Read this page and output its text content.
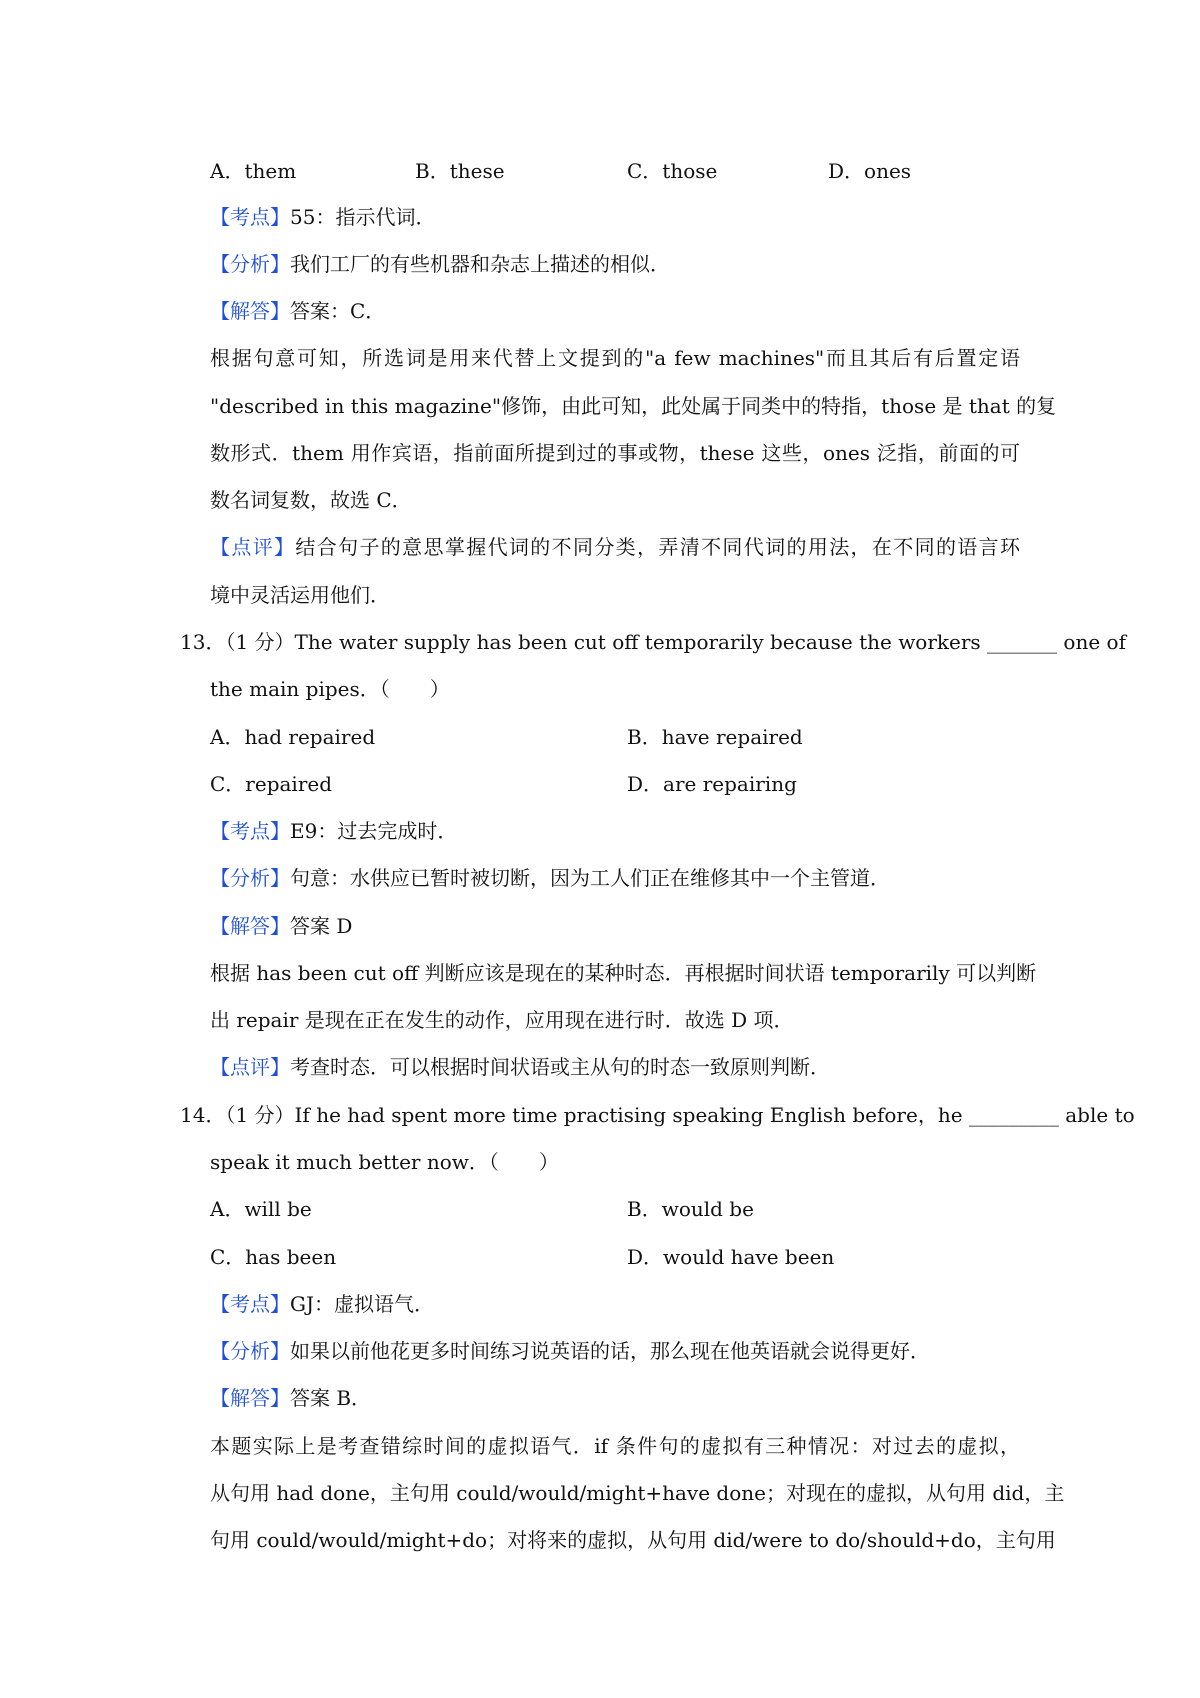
A．them	B．these	C．those	D．ones
【考点】55：指示代词．
【分析】我们工厂的有些机器和杂志上描述的相似．
【解答】答案：C．
根据句意可知，所选词是用来代替上文提到的"a few machines"而且其后有后置定语
"described in this magazine"修饰，由此可知，此处属于同类中的特指，those 是 that 的复
数形式．them 用作宾语，指前面所提到过的事或物，these 这些，ones 泛指，前面的可
数名词复数，故选 C．
【点评】结合句子的意思掌握代词的不同分类，弄清不同代词的用法，在不同的语言环
境中灵活运用他们．
13．（1 分）The water supply has been cut off temporarily because the workers _______ one of
the main pipes．（　　）
A．had repaired	B．have repaired
C．repaired	D．are repairing
【考点】E9：过去完成时．
【分析】句意：水供应已暂时被切断，因为工人们正在维修其中一个主管道．
【解答】答案 D
根据 has been cut off 判断应该是现在的某种时态．再根据时间状语 temporarily 可以判断
出 repair 是现在正在发生的动作，应用现在进行时．故选 D 项．
【点评】考查时态．可以根据时间状语或主从句的时态一致原则判断．
14．（1 分）If he had spent more time practising speaking English before，he _________ able to
speak it much better now．（　　）
A．will be	B．would be
C．has been	D．would have been
【考点】GJ：虚拟语气．
【分析】如果以前他花更多时间练习说英语的话，那么现在他英语就会说得更好．
【解答】答案 B．
本题实际上是考查错综时间的虚拟语气．if 条件句的虚拟有三种情况：对过去的虚拟，
从句用 had done，主句用 could/would/might+have done；对现在的虚拟，从句用 did，主
句用 could/would/might+do；对将来的虚拟，从句用 did/were to do/should+do，主句用
